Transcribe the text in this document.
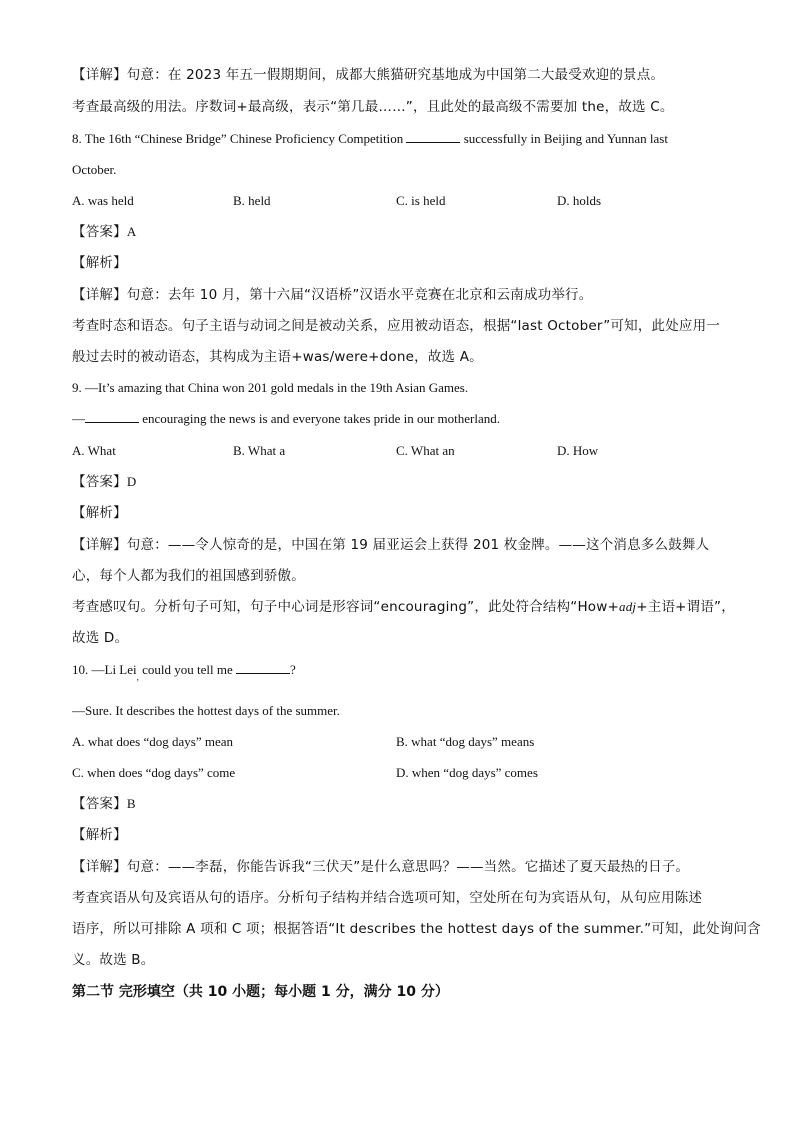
【详解】句意：在 2023 年五一假期期间，成都大熊猫研究基地成为中国第二大最受欢迎的景点。
考查最高级的用法。序数词+最高级，表示“第几最……”，且此处的最高级不需要加 the，故选 C。
8. The 16th “Chinese Bridge” Chinese Proficiency Competition	successfully in Beijing and Yunnan last
October.
A. was held	B. held	C. is held	D. holds
【答案】A
【解析】
【详解】句意：去年 10 月，第十六届“汉语桥”汉语水平竞赛在北京和云南成功举行。
考查时态和语态。句子主语与动词之间是被动关系，应用被动语态，根据“last October”可知，此处应用一
般过去时的被动语态，其构成为主语+was/were+done，故选 A。
9. —It’s amazing that China won 201 gold medals in the 19th Asian Games.
—	encouraging the news is and everyone takes pride in our motherland.
A. What	B. What a	C. What an	D. How
【答案】D
【解析】
【详解】句意：——令人惊奇的是，中国在第 19 届亚运会上获得 201 枚金牌。——这个消息多么鼓舞人
心，每个人都为我们的祖国感到骄傲。
考查感叹句。分析句子可知，句子中心词是形容词“encouraging”，此处符合结构“How+adj+主语+谓语”，
故选 D。
10. —Li Lei$_,$ could you tell me	?
—Sure. It describes the hottest days of the summer.
A. what does “dog days” mean	B. what “dog days” means
C. when does “dog days” come	D. when “dog days” comes
【答案】B
【解析】
【详解】句意：——李磊，你能告诉我“三伏天”是什么意思吗？——当然。它描述了夏天最热的日子。
考查宾语从句及宾语从句的语序。分析句子结构并结合选项可知，空处所在句为宾语从句，从句应用陈述
语序，所以可排除 A 项和 C 项；根据答语“It describes the hottest days of the summer.”可知，此处询问含
义。故选 B。
第二节 完形填空（共 10 小题；每小题 1 分，满分 10 分）
